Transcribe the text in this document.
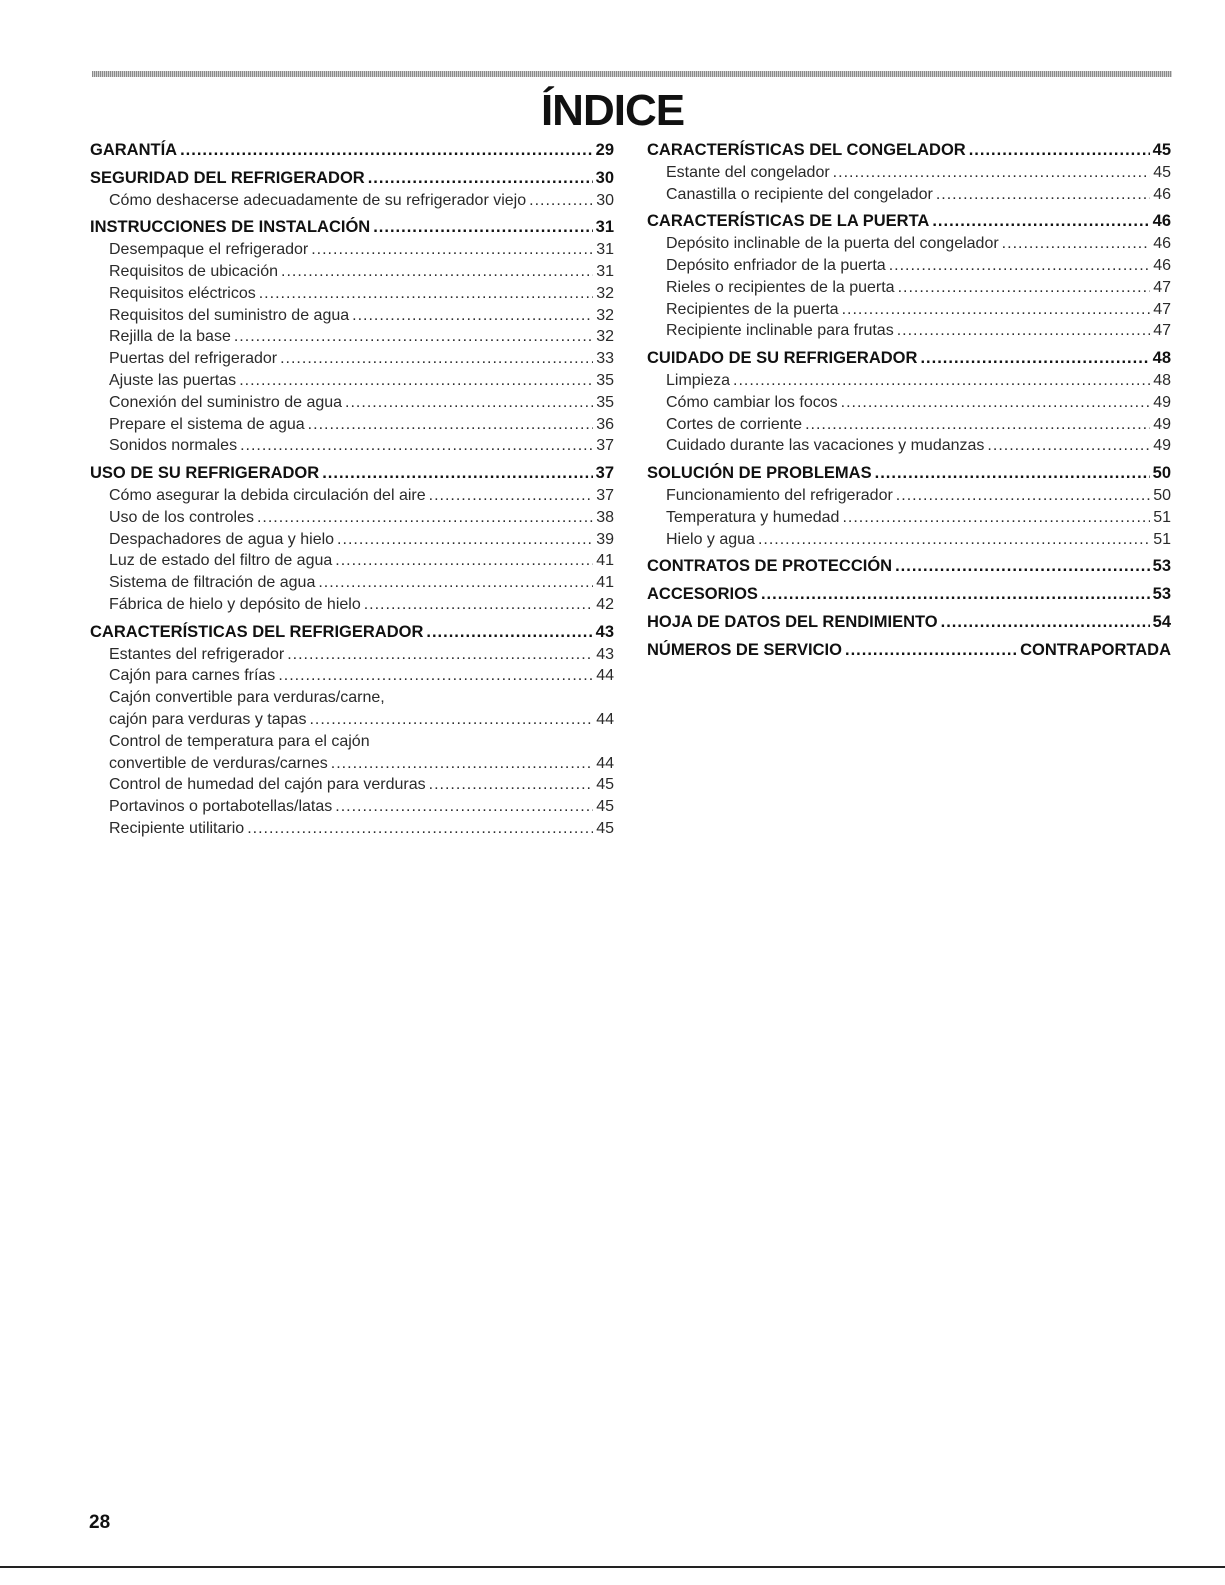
ÍNDICE
GARANTÍA .....	29
SEGURIDAD DEL REFRIGERADOR .....	30
Cómo deshacerse adecuadamente de su refrigerador viejo .....	30
INSTRUCCIONES DE INSTALACIÓN .....	31
Desempaque el refrigerador .....	31
Requisitos de ubicación .....	31
Requisitos eléctricos .....	32
Requisitos del suministro de agua .....	32
Rejilla de la base .....	32
Puertas del refrigerador .....	33
Ajuste las puertas .....	35
Conexión del suministro de agua .....	35
Prepare el sistema de agua .....	36
Sonidos normales .....	37
USO DE SU REFRIGERADOR .....	37
Cómo asegurar la debida circulación del aire .....	37
Uso de los controles .....	38
Despachadores de agua y hielo .....	39
Luz de estado del filtro de agua .....	41
Sistema de filtración de agua .....	41
Fábrica de hielo y depósito de hielo .....	42
CARACTERÍSTICAS DEL REFRIGERADOR .....	43
Estantes del refrigerador .....	43
Cajón para carnes frías .....	44
Cajón convertible para verduras/carne,
cajón para verduras y tapas .....	44
Control de temperatura para el cajón
convertible de verduras/carnes .....	44
Control de humedad del cajón para verduras .....	45
Portavinos o portabotellas/latas .....	45
Recipiente utilitario .....	45
CARACTERÍSTICAS DEL CONGELADOR .....	45
Estante del congelador .....	45
Canastilla o recipiente del congelador .....	46
CARACTERÍSTICAS DE LA PUERTA .....	46
Depósito inclinable de la puerta del congelador .....	46
Depósito enfriador de la puerta .....	46
Rieles o recipientes de la puerta .....	47
Recipientes de la puerta .....	47
Recipiente inclinable para frutas .....	47
CUIDADO DE SU REFRIGERADOR .....	48
Limpieza .....	48
Cómo cambiar los focos .....	49
Cortes de corriente .....	49
Cuidado durante las vacaciones y mudanzas .....	49
SOLUCIÓN DE PROBLEMAS .....	50
Funcionamiento del refrigerador .....	50
Temperatura y humedad .....	51
Hielo y agua .....	51
CONTRATOS DE PROTECCIÓN .....	53
ACCESORIOS .....	53
HOJA DE DATOS DEL RENDIMIENTO .....	54
NÚMEROS DE SERVICIO .....	CONTRAPORTADA
28
